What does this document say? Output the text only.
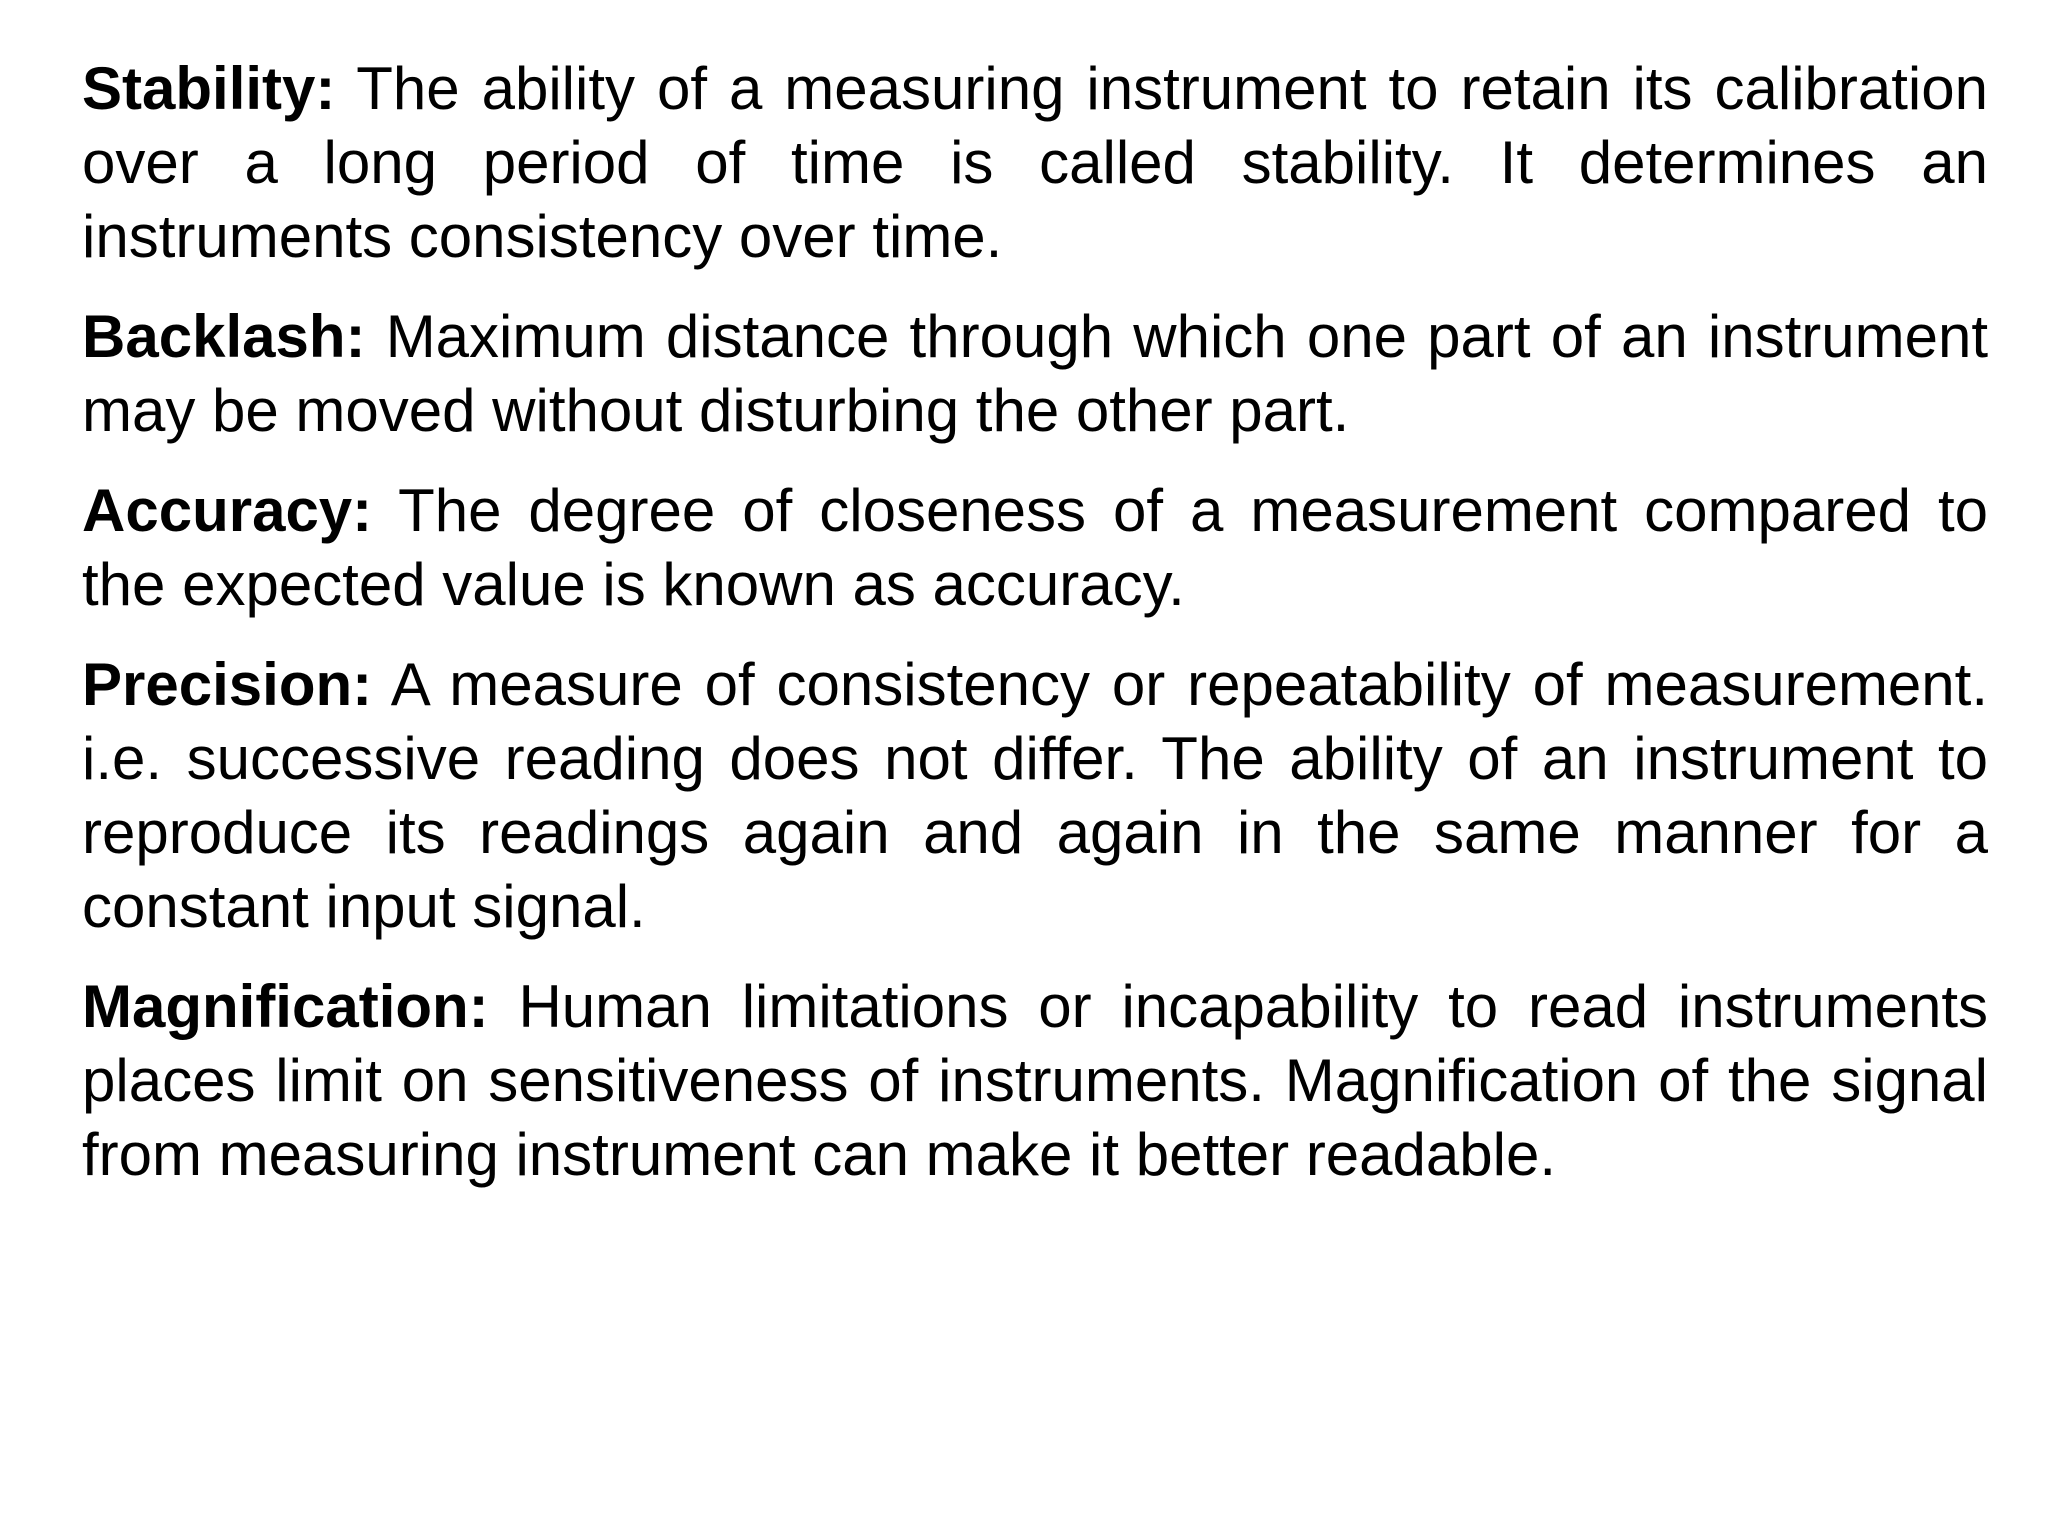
Stability: The ability of a measuring instrument to retain its calibration over a long period of time is called stability. It determines an instruments consistency over time.

Backlash: Maximum distance through which one part of an instrument may be moved without disturbing the other part.

Accuracy: The degree of closeness of a measurement compared to the expected value is known as accuracy.

Precision: A measure of consistency or repeatability of measurement. i.e. successive reading does not differ. The ability of an instrument to reproduce its readings again and again in the same manner for a constant input signal.

Magnification: Human limitations or incapability to read instruments places limit on sensitiveness of instruments. Magnification of the signal from measuring instrument can make it better readable.
